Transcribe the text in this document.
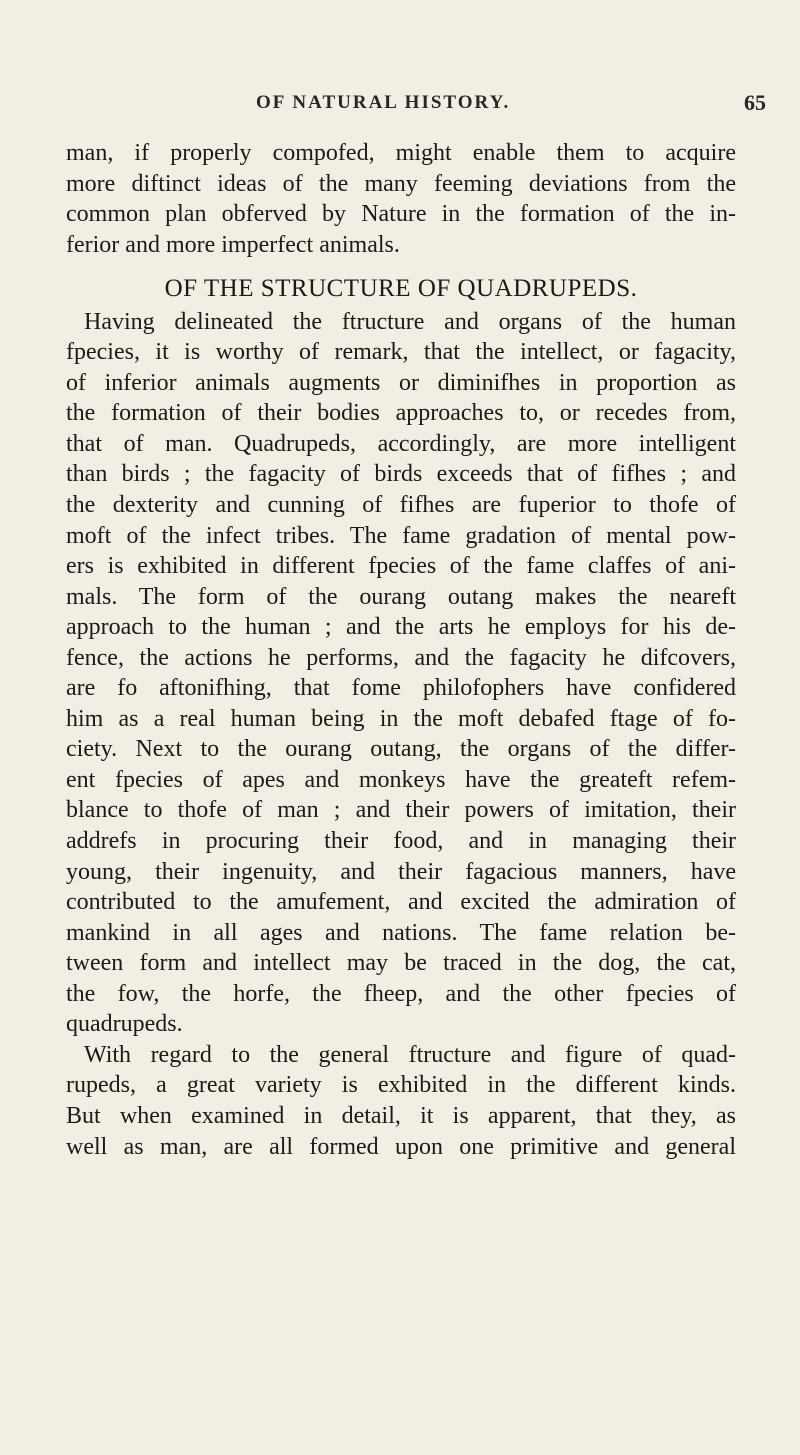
OF NATURAL HISTORY.	65
man, if properly compofed, might enable them to acquire
more diftinct ideas of the many feeming deviations from the
common plan obferved by Nature in the formation of the in-
ferior and more imperfect animals.
OF THE STRUCTURE OF QUADRUPEDS.
Having delineated the ftructure and organs of the human
fpecies, it is worthy of remark, that the intellect, or fagacity,
of inferior animals augments or diminifhes in proportion as
the formation of their bodies approaches to, or recedes from,
that of man. Quadrupeds, accordingly, are more intelligent
than birds ; the fagacity of birds exceeds that of fifhes ; and
the dexterity and cunning of fifhes are fuperior to thofe of
moft of the infect tribes. The fame gradation of mental pow-
ers is exhibited in different fpecies of the fame claffes of ani-
mals. The form of the ourang outang makes the neareft
approach to the human ; and the arts he employs for his de-
fence, the actions he performs, and the fagacity he difcovers,
are fo aftonifhing, that fome philofophers have confidered
him as a real human being in the moft debafed ftage of fo-
ciety. Next to the ourang outang, the organs of the differ-
ent fpecies of apes and monkeys have the greateft refem-
blance to thofe of man ; and their powers of imitation, their
addrefs in procuring their food, and in managing their
young, their ingenuity, and their fagacious manners, have
contributed to the amufement, and excited the admiration of
mankind in all ages and nations. The fame relation be-
tween form and intellect may be traced in the dog, the cat,
the fow, the horfe, the fheep, and the other fpecies of
quadrupeds.
With regard to the general ftructure and figure of quad-
rupeds, a great variety is exhibited in the different kinds.
But when examined in detail, it is apparent, that they, as
well as man, are all formed upon one primitive and general
